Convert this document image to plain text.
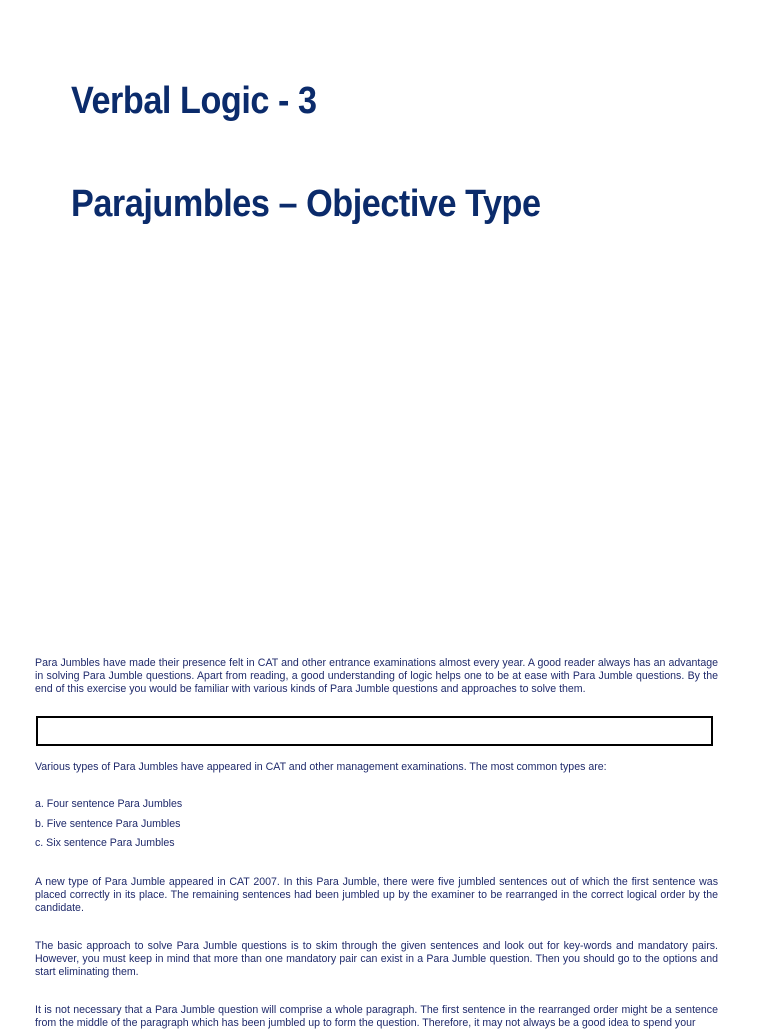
Verbal Logic - 3
Parajumbles – Objective Type

Para Jumbles have made their presence felt in CAT and other entrance examinations almost every year. A good reader always has an advantage in solving Para Jumble questions. Apart from reading, a good understanding of logic helps one to be at ease with Para Jumble questions. By the end of this exercise you would be familiar with various kinds of Para Jumble questions and approaches to solve them.

Various types of Para Jumbles have appeared in CAT and other management examinations. The most common types are:

a. Four sentence Para Jumbles
b. Five sentence Para Jumbles
c. Six sentence Para Jumbles

A new type of Para Jumble appeared in CAT 2007. In this Para Jumble, there were five jumbled sentences out of which the first sentence was placed correctly in its place. The remaining sentences had been jumbled up by the examiner to be rearranged in the correct logical order by the candidate.

The basic approach to solve Para Jumble questions is to skim through the given sentences and look out for key-words and mandatory pairs. However, you must keep in mind that more than one mandatory pair can exist in a Para Jumble question. Then you should go to the options and start eliminating them.

It is not necessary that a Para Jumble question will comprise a whole paragraph. The first sentence in the rearranged order might be a sentence from the middle of the paragraph which has been jumbled up to form the question. Therefore, it may not always be a good idea to spend your
